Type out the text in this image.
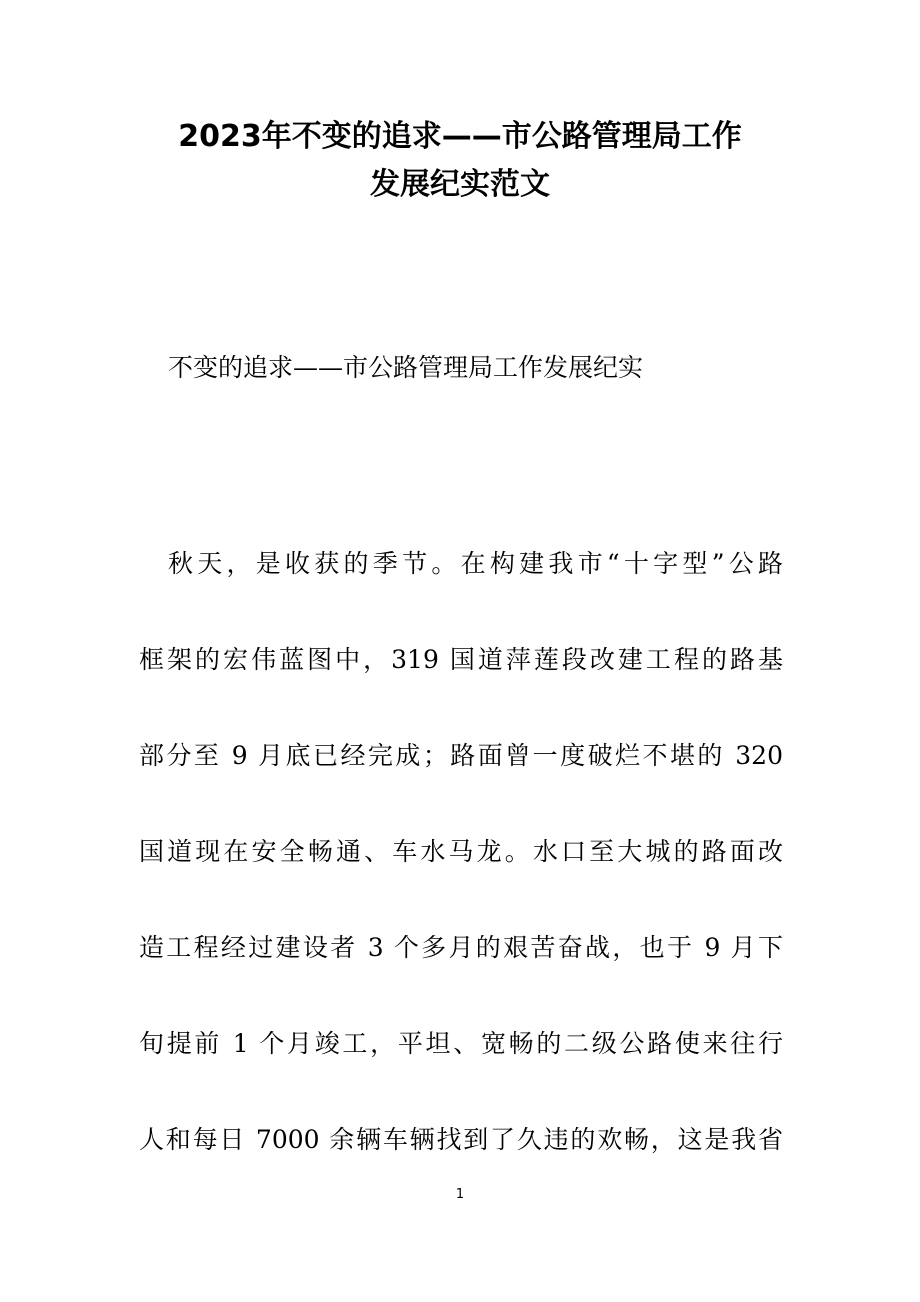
2023年不变的追求——市公路管理局工作
发展纪实范文

不变的追求——市公路管理局工作发展纪实

秋天，是收获的季节。在构建我市“十字型”公路

框架的宏伟蓝图中，319 国道萍莲段改建工程的路基

部分至 9 月底已经完成；路面曾一度破烂不堪的 320

国道现在安全畅通、车水马龙。水口至大城的路面改

造工程经过建设者 3 个多月的艰苦奋战，也于 9 月下

旬提前 1 个月竣工，平坦、宽畅的二级公路使来往行

人和每日 7000 余辆车辆找到了久违的欢畅，这是我省

1
